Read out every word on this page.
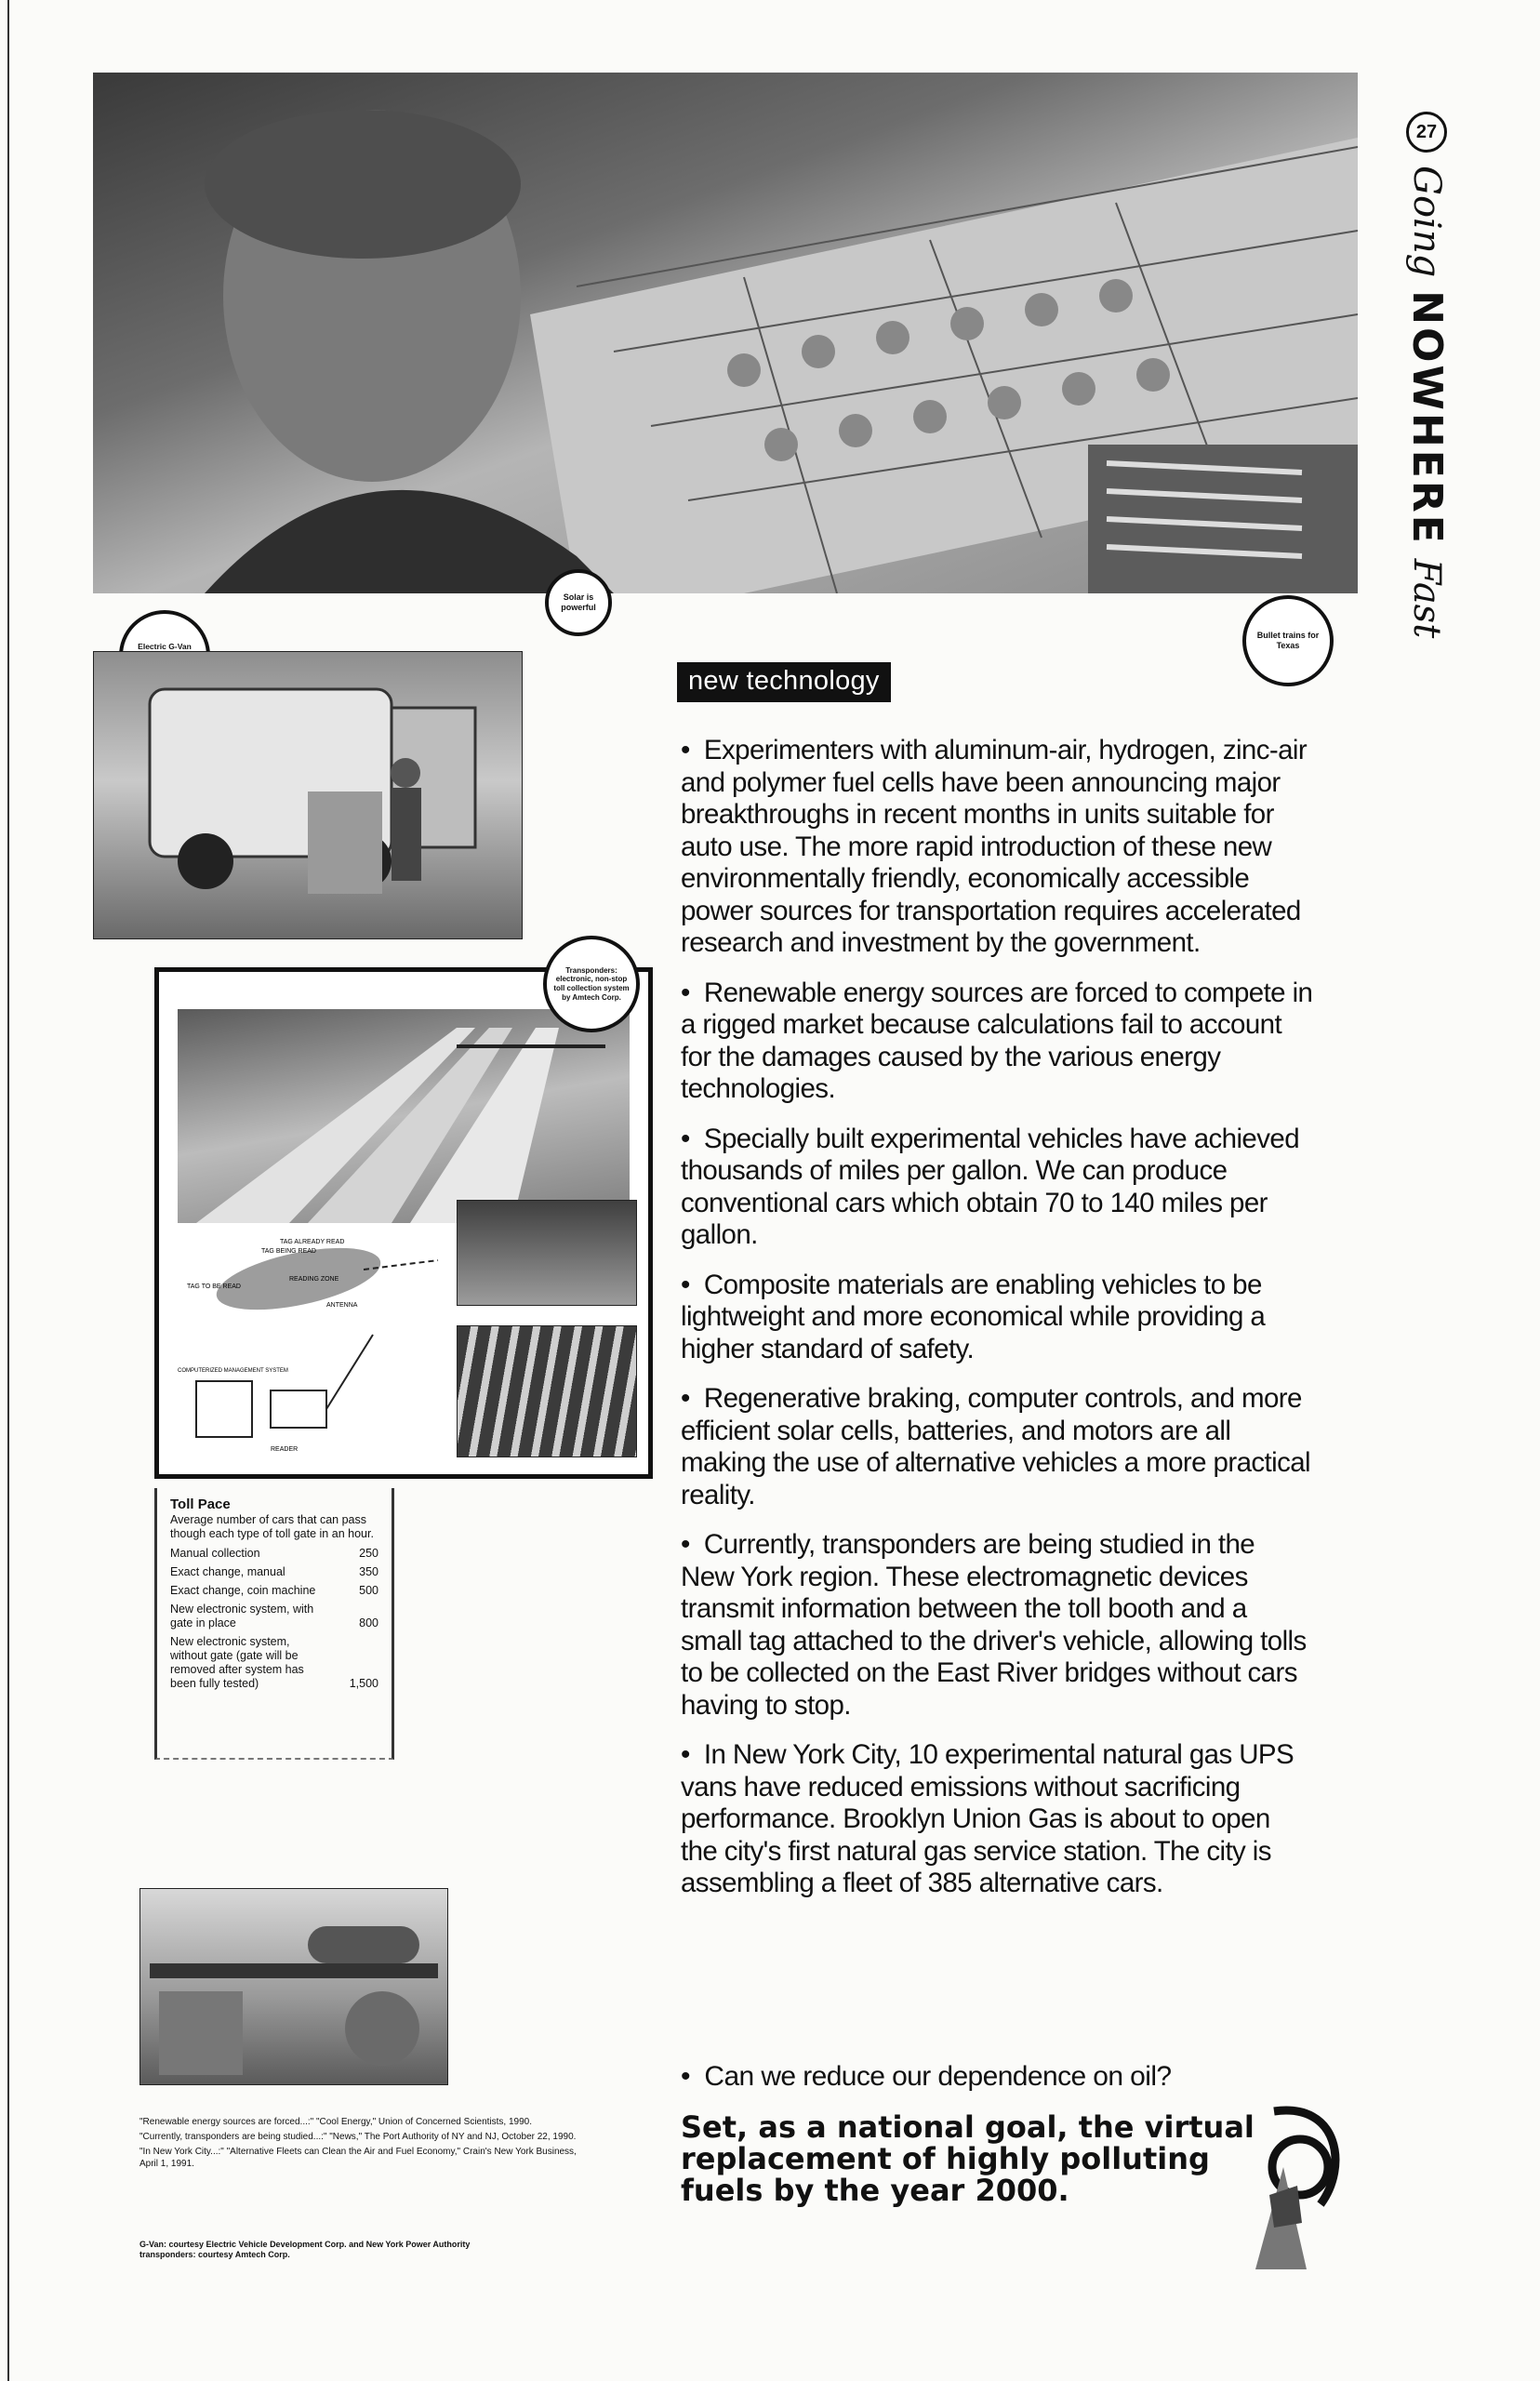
Solar is powerful
Bullet trains for Texas
Electric G-Van
TAG ALREADY READ
TAG BEING READ
TAG TO BE READ
READING ZONE
ANTENNA
COMPUTERIZED MANAGEMENT SYSTEM
READER
Transponders: electronic, non-stop toll collection system by Amtech Corp.
Toll Pace
Average number of cars that can pass though each type of toll gate in an hour.
Manual collection	250
Exact change, manual	350
Exact change, coin machine	500
New electronic system, with gate in place	800
New electronic system, without gate (gate will be removed after system has been fully tested)	1,500
"Renewable energy sources are forced...:" "Cool Energy," Union of Concerned Scientists, 1990.
"Currently, transponders are being studied...:" "News," The Port Authority of NY and NJ, October 22, 1990.
"In New York City...:" "Alternative Fleets can Clean the Air and Fuel Economy," Crain's New York Business, April 1, 1991.
G-Van: courtesy Electric Vehicle Development Corp. and New York Power Authority
transponders: courtesy Amtech Corp.
27
Going
NOWHERE
Fast
new technology

•  Experimenters with aluminum-air, hydrogen, zinc-air and polymer fuel cells have been announcing major breakthroughs in recent months in units suitable for auto use. The more rapid introduction of these new environmentally friendly, economically accessible power sources for transportation requires accelerated research and investment by the government.

•  Renewable energy sources are forced to compete in a rigged market because calculations fail to account for the damages caused by the various energy technologies.

•  Specially built experimental vehicles have achieved thousands of miles per gallon. We can produce conventional cars which obtain 70 to 140 miles per gallon.

•  Composite materials are enabling vehicles to be lightweight and more economical while providing a higher standard of safety.

•  Regenerative braking, computer controls, and more efficient solar cells, batteries, and motors are all making the use of alternative vehicles a more practical reality.

•  Currently, transponders are being studied in the New York region. These electromagnetic devices transmit information between the toll booth and a small tag attached to the driver's vehicle, allowing tolls to be collected on the East River bridges without cars having to stop.

•  In New York City, 10 experimental natural gas UPS vans have reduced emissions without sacrificing performance. Brooklyn Union Gas is about to open the city's first natural gas service station. The city is assembling a fleet of 385 alternative cars.

•  Can we reduce our dependence on oil?
Set, as a national goal, the virtual replacement of highly polluting fuels by the year 2000.
